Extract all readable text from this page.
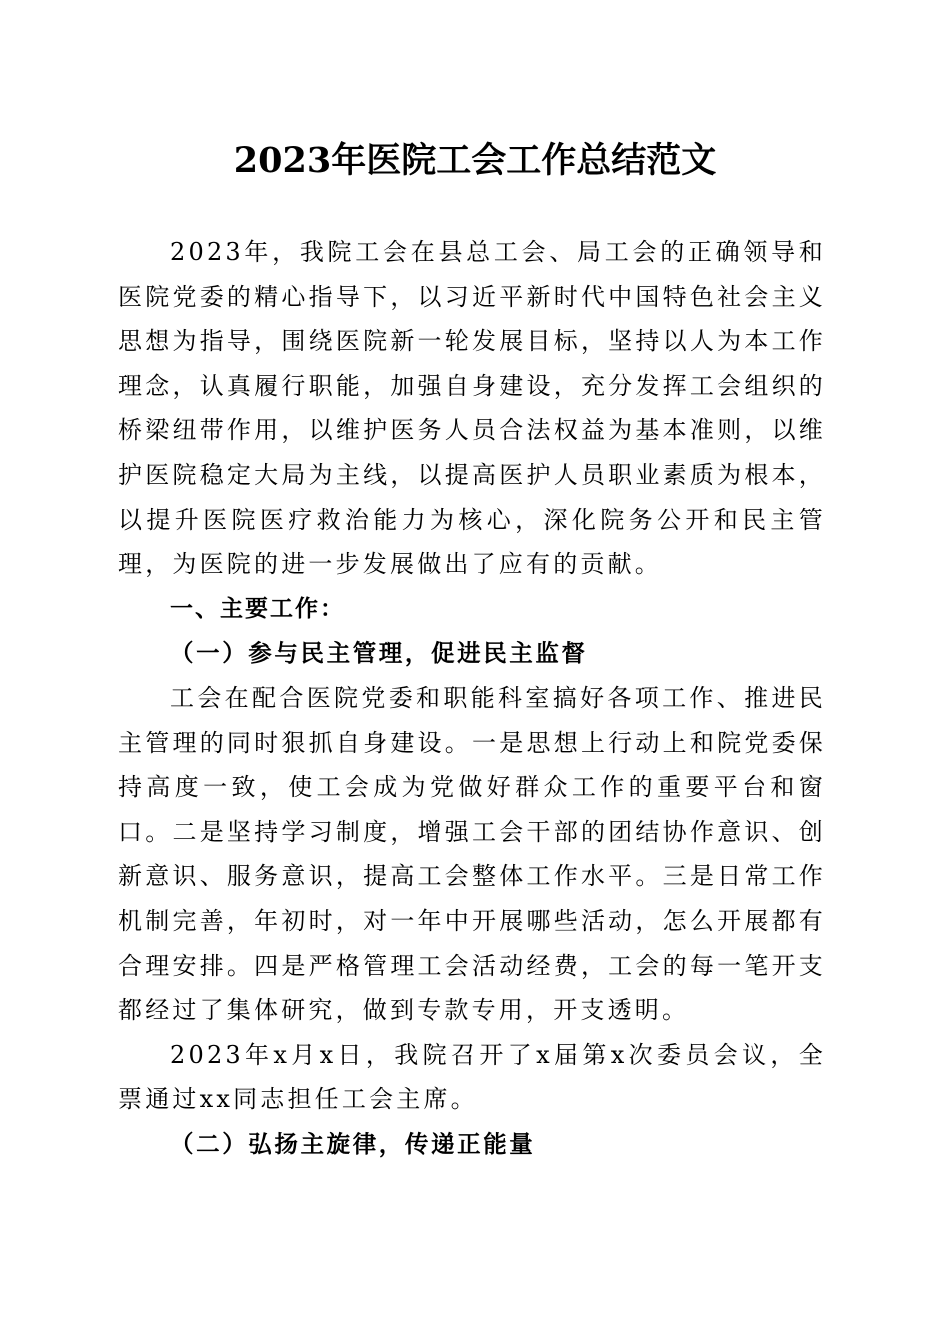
2023年医院工会工作总结范文

2023年，我院工会在县总工会、局工会的正确领导和医院党委的精心指导下，以习近平新时代中国特色社会主义思想为指导，围绕医院新一轮发展目标，坚持以人为本工作理念，认真履行职能，加强自身建设，充分发挥工会组织的桥梁纽带作用，以维护医务人员合法权益为基本准则，以维护医院稳定大局为主线，以提高医护人员职业素质为根本，以提升医院医疗救治能力为核心，深化院务公开和民主管理，为医院的进一步发展做出了应有的贡献。

一、主要工作：

（一）参与民主管理，促进民主监督

工会在配合医院党委和职能科室搞好各项工作、推进民主管理的同时狠抓自身建设。一是思想上行动上和院党委保持高度一致，使工会成为党做好群众工作的重要平台和窗口。二是坚持学习制度，增强工会干部的团结协作意识、创新意识、服务意识，提高工会整体工作水平。三是日常工作机制完善，年初时，对一年中开展哪些活动，怎么开展都有合理安排。四是严格管理工会活动经费，工会的每一笔开支都经过了集体研究，做到专款专用，开支透明。

2023年x月x日，我院召开了x届第x次委员会议，全票通过xx同志担任工会主席。

（二）弘扬主旋律，传递正能量
